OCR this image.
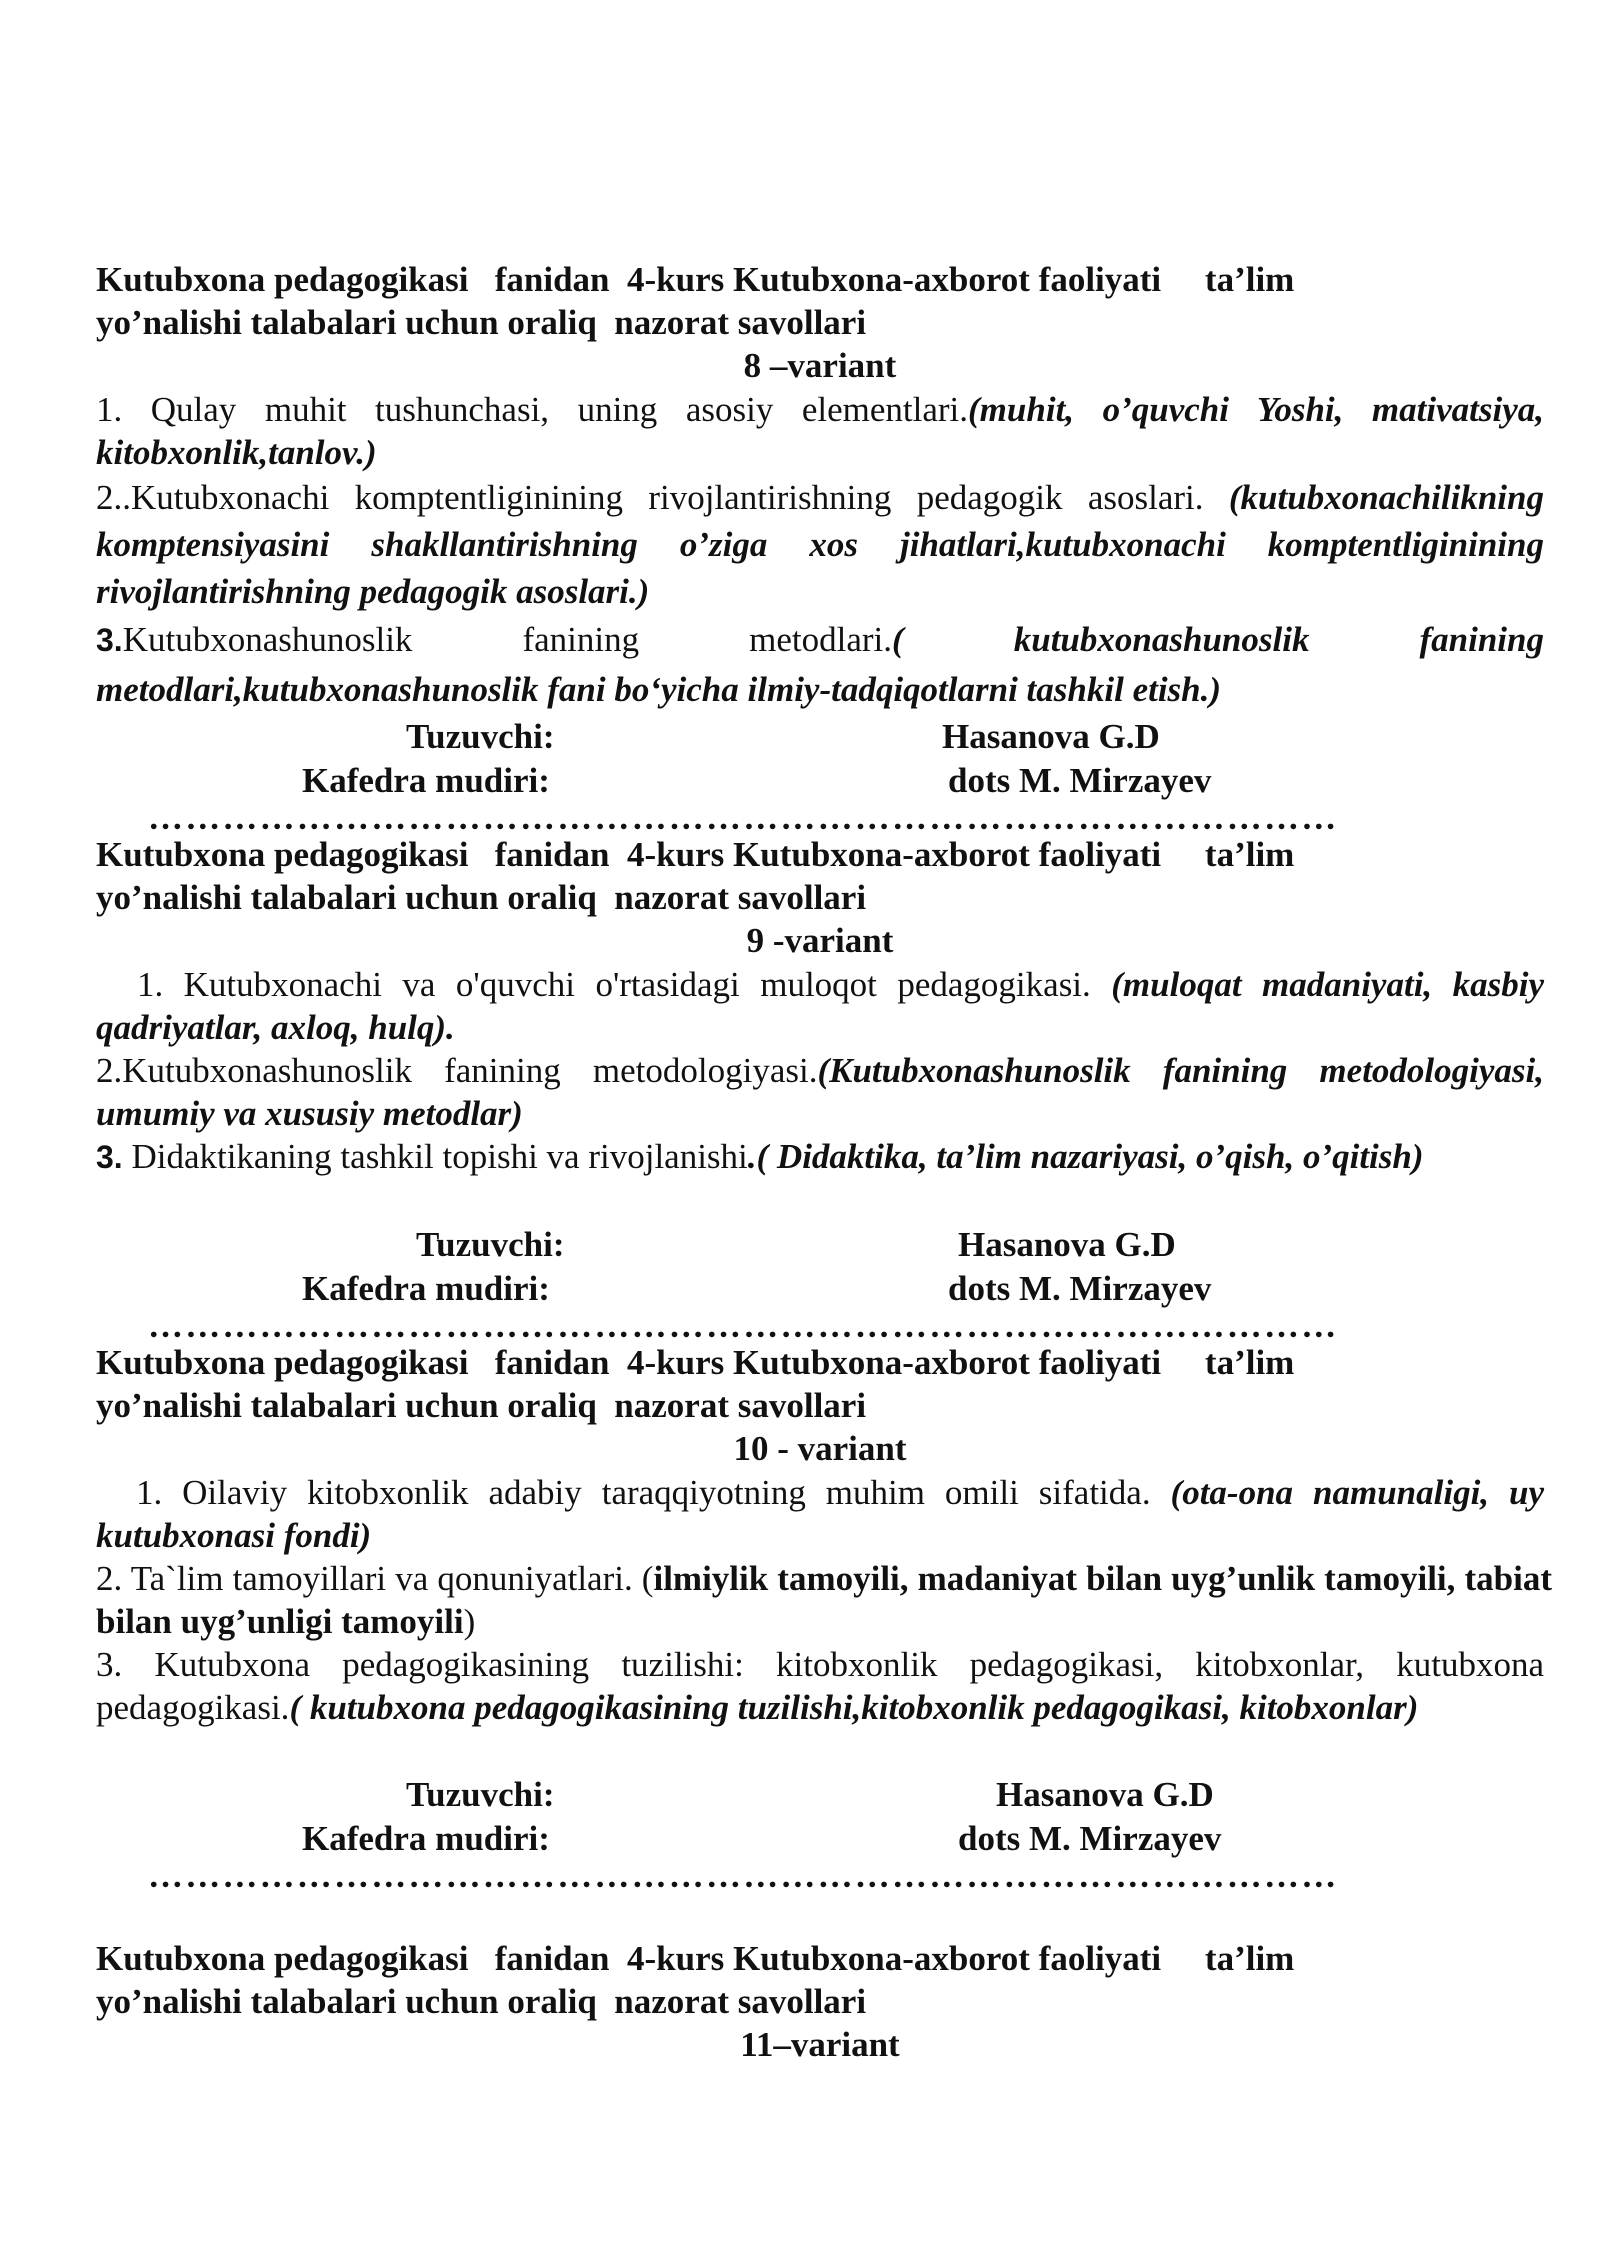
Kutubxona pedagogikasi   fanidan  4-kurs Kutubxona-axborot faoliyati     ta’lim

yo’nalishi talabalari uchun oraliq  nazorat savollari

8 –variant

1. Qulay muhit tushunchasi, uning asosiy elementlari.(muhit, o’quvchi Yoshi, mativatsiya, kitobxonlik,tanlov.)

2..Kutubxonachi komptentliginining rivojlantirishning pedagogik asoslari. (kutubxonachilikning komptensiyasini shakllantirishning o’ziga xos jihatlari,kutubxonachi komptentliginining rivojlantirishning pedagogik asoslari.)

3.Kutubxonashunoslik fanining metodlari.( kutubxonashunoslik fanining metodlari,kutubxonashunoslik fani bo‘yicha ilmiy-tadqiqotlarni tashkil etish.)

Tuzuvchi:	Hasanova G.D
Kafedra mudiri:	dots M. Mirzayev
……………………………………………………………………………………

Kutubxona pedagogikasi   fanidan  4-kurs Kutubxona-axborot faoliyati     ta’lim

yo’nalishi talabalari uchun oraliq  nazorat savollari

9 -variant

1. Kutubxonachi va o'quvchi o'rtasidagi muloqot pedagogikasi. (muloqat madaniyati, kasbiy qadriyatlar, axloq, hulq).

2.Kutubxonashunoslik fanining metodologiyasi.(Kutubxonashunoslik fanining metodologiyasi, umumiy va xususiy metodlar)

3. Didaktikaning tashkil topishi va rivojlanishi.( Didaktika, ta’lim nazariyasi, o’qish, o’qitish)

Tuzuvchi:	Hasanova G.D
Kafedra mudiri:	dots M. Mirzayev
……………………………………………………………………………………

Kutubxona pedagogikasi   fanidan  4-kurs Kutubxona-axborot faoliyati     ta’lim

yo’nalishi talabalari uchun oraliq  nazorat savollari

10 - variant

1. Oilaviy kitobxonlik adabiy taraqqiyotning muhim omili sifatida. (ota-ona namunaligi, uy kutubxonasi fondi)

2. Ta`lim tamoyillari va qonuniyatlari. (ilmiylik tamoyili, madaniyat bilan uyg’unlik tamoyili, tabiat bilan uyg’unligi tamoyili)

3. Kutubxona pedagogikasining tuzilishi: kitobxonlik pedagogikasi, kitobxonlar, kutubxona pedagogikasi.( kutubxona pedagogikasining tuzilishi,kitobxonlik pedagogikasi, kitobxonlar)

Tuzuvchi:	Hasanova G.D
Kafedra mudiri:	dots M. Mirzayev
……………………………………………………………………………………

Kutubxona pedagogikasi   fanidan  4-kurs Kutubxona-axborot faoliyati     ta’lim

yo’nalishi talabalari uchun oraliq  nazorat savollari

11–variant
